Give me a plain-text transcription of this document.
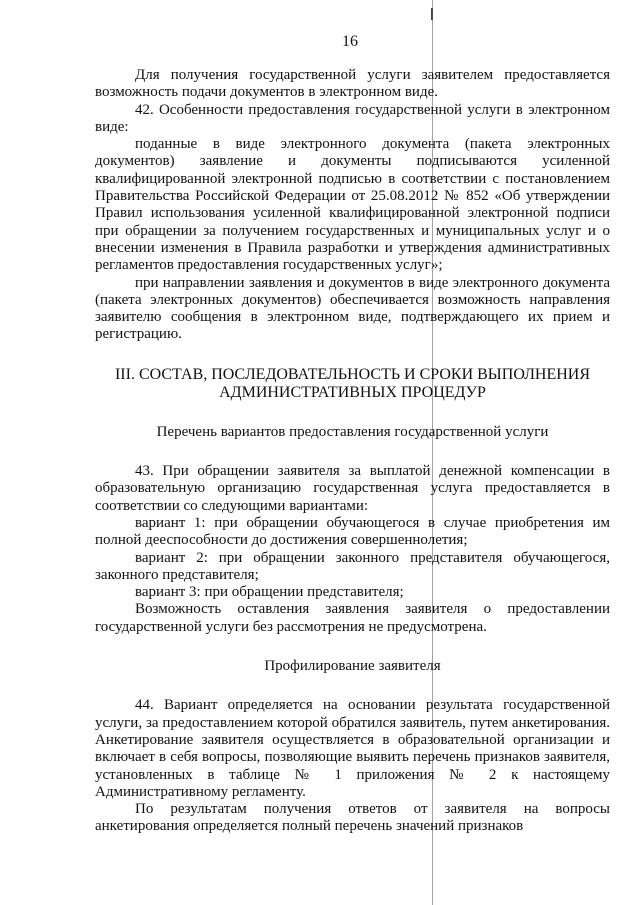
16

Для получения государственной услуги заявителем предоставляется возможность подачи документов в электронном виде.

42. Особенности предоставления государственной услуги в электронном виде:

поданные в виде электронного документа (пакета электронных документов) заявление и документы подписываются усиленной квалифицированной электронной подписью в соответствии с постановлением Правительства Российской Федерации от 25.08.2012 № 852 «Об утверждении Правил использования усиленной квалифицированной электронной подписи при обращении за получением государственных и муниципальных услуг и о внесении изменения в Правила разработки и утверждения административных регламентов предоставления государственных услуг»;

при направлении заявления и документов в виде электронного документа (пакета электронных документов) обеспечивается возможность направления заявителю сообщения в электронном виде, подтверждающего их прием и регистрацию.

III. СОСТАВ, ПОСЛЕДОВАТЕЛЬНОСТЬ И СРОКИ ВЫПОЛНЕНИЯ АДМИНИСТРАТИВНЫХ ПРОЦЕДУР

Перечень вариантов предоставления государственной услуги

43. При обращении заявителя за выплатой денежной компенсации в образовательную организацию государственная услуга предоставляется в соответствии со следующими вариантами:

вариант 1: при обращении обучающегося в случае приобретения им полной дееспособности до достижения совершеннолетия;

вариант 2: при обращении законного представителя обучающегося, законного представителя;

вариант 3: при обращении представителя;

Возможность оставления заявления заявителя о предоставлении государственной услуги без рассмотрения не предусмотрена.

Профилирование заявителя

44. Вариант определяется на основании результата государственной услуги, за предоставлением которой обратился заявитель, путем анкетирования. Анкетирование заявителя осуществляется в образовательной организации и включает в себя вопросы, позволяющие выявить перечень признаков заявителя, установленных в таблице № 1 приложения № 2 к настоящему Административному регламенту.

По результатам получения ответов от заявителя на вопросы анкетирования определяется полный перечень значений признаков
